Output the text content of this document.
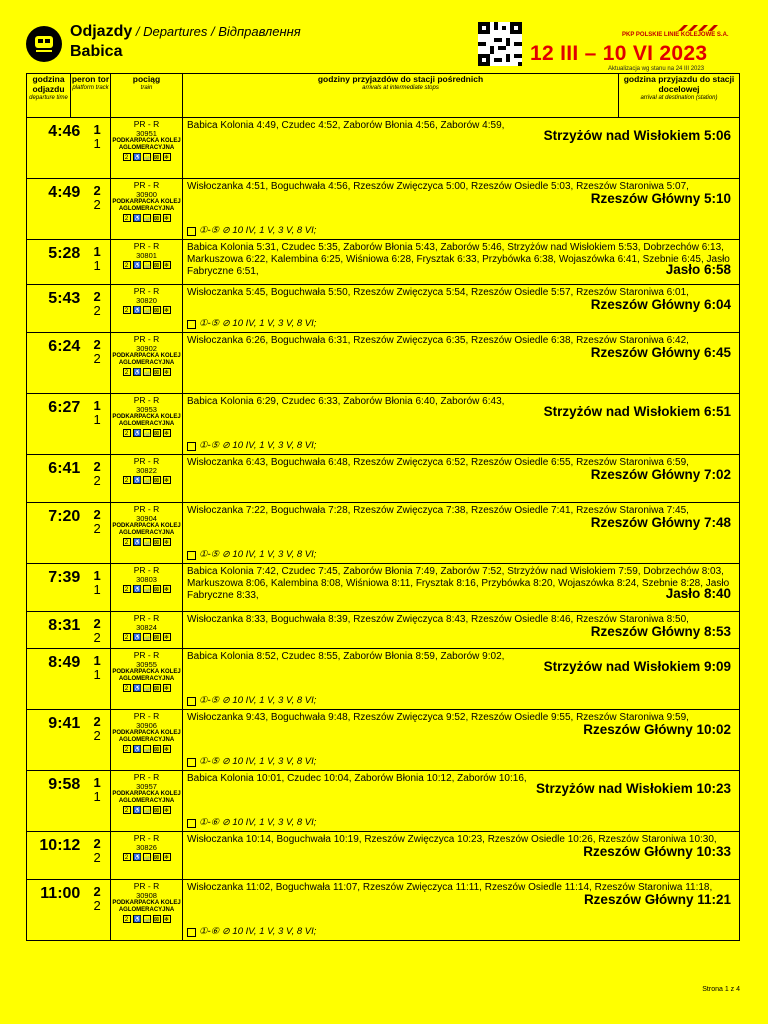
Odjazdy / Departures / Відправлення
Babica
PKP POLSKIE LINIE KOLEJOWE S.A.
12 III – 10 VI 2023
Aktualizacja wg stanu na 24 III 2023
godzina odjazdu
departure time
peron tor
platform track
pociąg
train
godziny przyjazdów do stacji pośrednich
arrivals at intermediate stops
godzina przyjazdu do stacji docelowej
arrival at destination (station)
4:46	1
1
PR - R
30951
PODKARPACKA KOLEJ AGLOMERACYJNA
2 ♿ 🚲 ⊠ ❄
Babica Kolonia 4:49, Czudec 4:52, Zaborów Błonia 4:56, Zaborów 4:59,
Strzyżów nad Wisłokiem 5:06
4:49	2
2
PR - R
30900
PODKARPACKA KOLEJ AGLOMERACYJNA
2 ♿ 🚲 ⊠ ❄
Wisłoczanka 4:51, Boguchwała 4:56, Rzeszów Zwięczyca 5:00, Rzeszów Osiedle 5:03, Rzeszów Staroniwa 5:07,
Rzeszów Główny 5:10
①-⑤ ⊘ 10 IV, 1 V, 3 V, 8 VI;
5:28	1
1
PR - R
30801
2 ♿ 🚲 ⊠ ❄
Babica Kolonia 5:31, Czudec 5:35, Zaborów Błonia 5:43, Zaborów 5:46, Strzyżów nad Wisłokiem 5:53, Dobrzechów 6:13, Markuszowa 6:22, Kalembina 6:25, Wiśniowa 6:28, Frysztak 6:33, Przybówka 6:38, Wojaszówka 6:41, Szebnie 6:45, Jasło Fabryczne 6:51,	Jasło 6:58
5:43	2
2
PR - R
30820
2 ♿ 🚲 ⊠ ❄
Wisłoczanka 5:45, Boguchwała 5:50, Rzeszów Zwięczyca 5:54, Rzeszów Osiedle 5:57, Rzeszów Staroniwa 6:01,
Rzeszów Główny 6:04
①-⑤ ⊘ 10 IV, 1 V, 3 V, 8 VI;
6:24	2
2
PR - R
30902
PODKARPACKA KOLEJ AGLOMERACYJNA
2 ♿ 🚲 ⊠ ❄
Wisłoczanka 6:26, Boguchwała 6:31, Rzeszów Zwięczyca 6:35, Rzeszów Osiedle 6:38, Rzeszów Staroniwa 6:42,
Rzeszów Główny 6:45
6:27	1
1
PR - R
30953
PODKARPACKA KOLEJ AGLOMERACYJNA
2 ♿ 🚲 ⊠ ❄
Babica Kolonia 6:29, Czudec 6:33, Zaborów Błonia 6:40, Zaborów 6:43,
Strzyżów nad Wisłokiem 6:51
①-⑤ ⊘ 10 IV, 1 V, 3 V, 8 VI;
6:41	2
2
PR - R
30822
2 ♿ 🚲 ⊠ ❄
Wisłoczanka 6:43, Boguchwała 6:48, Rzeszów Zwięczyca 6:52, Rzeszów Osiedle 6:55, Rzeszów Staroniwa 6:59,
Rzeszów Główny 7:02
7:20	2
2
PR - R
30904
PODKARPACKA KOLEJ AGLOMERACYJNA
2 ♿ 🚲 ⊠ ❄
Wisłoczanka 7:22, Boguchwała 7:28, Rzeszów Zwięczyca 7:38, Rzeszów Osiedle 7:41, Rzeszów Staroniwa 7:45,
Rzeszów Główny 7:48
①-⑤ ⊘ 10 IV, 1 V, 3 V, 8 VI;
7:39	1
1
PR - R
30803
2 ♿ 🚲 ⊠ ❄
Babica Kolonia 7:42, Czudec 7:45, Zaborów Błonia 7:49, Zaborów 7:52, Strzyżów nad Wisłokiem 7:59, Dobrzechów 8:03, Markuszowa 8:06, Kalembina 8:08, Wiśniowa 8:11, Frysztak 8:16, Przybówka 8:20, Wojaszówka 8:24, Szebnie 8:28, Jasło Fabryczne 8:33,	Jasło 8:40
8:31	2
2
PR - R
30824
2 ♿ 🚲 ⊠ ❄
Wisłoczanka 8:33, Boguchwała 8:39, Rzeszów Zwięczyca 8:43, Rzeszów Osiedle 8:46, Rzeszów Staroniwa 8:50,
Rzeszów Główny 8:53
8:49	1
1
PR - R
30955
PODKARPACKA KOLEJ AGLOMERACYJNA
2 ♿ 🚲 ⊠ ❄
Babica Kolonia 8:52, Czudec 8:55, Zaborów Błonia 8:59, Zaborów 9:02,
Strzyżów nad Wisłokiem 9:09
①-⑤ ⊘ 10 IV, 1 V, 3 V, 8 VI;
9:41	2
2
PR - R
30906
PODKARPACKA KOLEJ AGLOMERACYJNA
2 ♿ 🚲 ⊠ ❄
Wisłoczanka 9:43, Boguchwała 9:48, Rzeszów Zwięczyca 9:52, Rzeszów Osiedle 9:55, Rzeszów Staroniwa 9:59,
Rzeszów Główny 10:02
①-⑤ ⊘ 10 IV, 1 V, 3 V, 8 VI;
9:58	1
1
PR - R
30957
PODKARPACKA KOLEJ AGLOMERACYJNA
2 ♿ 🚲 ⊠ ❄
Babica Kolonia 10:01, Czudec 10:04, Zaborów Błonia 10:12, Zaborów 10:16,
Strzyżów nad Wisłokiem 10:23
①-⑥ ⊘ 10 IV, 1 V, 3 V, 8 VI;
10:12	2
2
PR - R
30826
2 ♿ 🚲 ⊠ ❄
Wisłoczanka 10:14, Boguchwała 10:19, Rzeszów Zwięczyca 10:23, Rzeszów Osiedle 10:26, Rzeszów Staroniwa 10:30,
Rzeszów Główny 10:33
11:00	2
2
PR - R
30908
PODKARPACKA KOLEJ AGLOMERACYJNA
2 ♿ 🚲 ⊠ ❄
Wisłoczanka 11:02, Boguchwała 11:07, Rzeszów Zwięczyca 11:11, Rzeszów Osiedle 11:14, Rzeszów Staroniwa 11:18,
Rzeszów Główny 11:21
①-⑥ ⊘ 10 IV, 1 V, 3 V, 8 VI;
Strona 1 z 4
